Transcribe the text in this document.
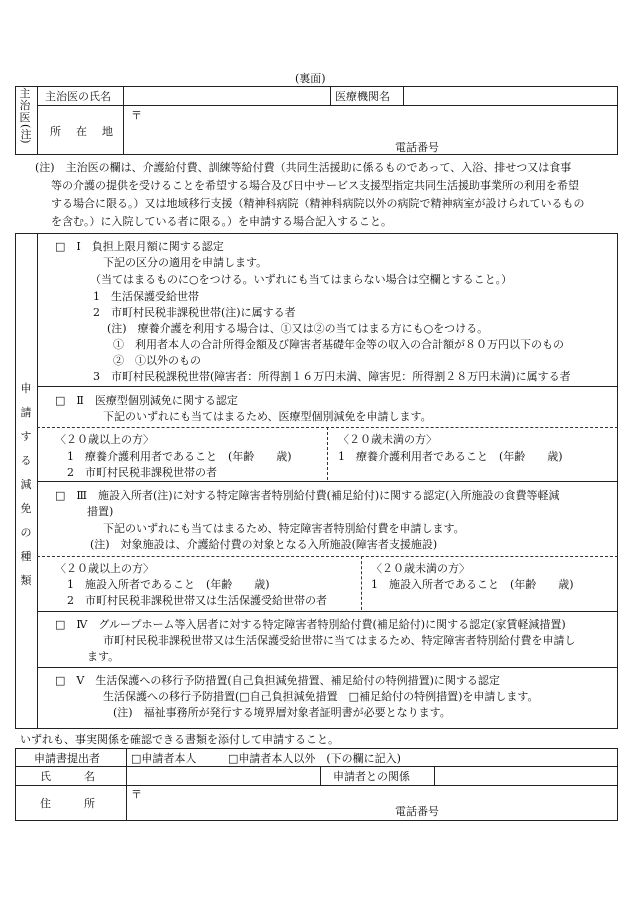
(裏面)
主
治
医
(注)
主治医の氏名	医療機関名
所　在　地
〒
電話番号
(注)　主治医の欄は、介護給付費、訓練等給付費（共同生活援助に係るものであって、入浴、排せつ又は食事
等の介護の提供を受けることを希望する場合及び日中サービス支援型指定共同生活援助事業所の利用を希望
する場合に限る。）又は地域移行支援（精神科病院（精神科病院以外の病院で精神病室が設けられているもの
を含む。）に入院している者に限る。）を申請する場合記入すること。
申
請
す
る
減
免
の
種
類
□　Ⅰ　負担上限月額に関する認定
下記の区分の適用を申請します。
（当てはまるものに○をつける。いずれにも当てはまらない場合は空欄とすること。）
1　生活保護受給世帯
2　市町村民税非課税世帯(注)に属する者
(注)　療養介護を利用する場合は、①又は②の当てはまる方にも○をつける。
①　利用者本人の合計所得金額及び障害者基礎年金等の収入の合計額が８０万円以下のもの
②　①以外のもの
3　市町村民税課税世帯(障害者：所得割１６万円未満、障害児：所得割２８万円未満)に属する者
□　Ⅱ　医療型個別減免に関する認定
下記のいずれにも当てはまるため、医療型個別減免を申請します。
〈２０歳以上の方〉
1　療養介護利用者であること　(年齢　　歳)
2　市町村民税非課税世帯の者
〈２０歳未満の方〉
1　療養介護利用者であること　(年齢　　歳)
□　Ⅲ　施設入所者(注)に対する特定障害者特別給付費(補足給付)に関する認定(入所施設の食費等軽減
措置)
下記のいずれにも当てはまるため、特定障害者特別給付費を申請します。
(注)　対象施設は、介護給付費の対象となる入所施設(障害者支援施設)
〈２０歳以上の方〉
1　施設入所者であること　(年齢　　歳)
2　市町村民税非課税世帯又は生活保護受給世帯の者
〈２０歳未満の方〉
1　施設入所者であること　(年齢　　歳)
□　Ⅳ　グループホーム等入居者に対する特定障害者特別給付費(補足給付)に関する認定(家賃軽減措置)
市町村民税非課税世帯又は生活保護受給世帯に当てはまるため、特定障害者特別給付費を申請し
ます。
□　Ⅴ　生活保護への移行予防措置(自己負担減免措置、補足給付の特例措置)に関する認定
生活保護への移行予防措置(□自己負担減免措置　□補足給付の特例措置)を申請します。
(注)　福祉事務所が発行する境界層対象者証明書が必要となります。
いずれも、事実関係を確認できる書類を添付して申請すること。
申請書提出者	□申請者本人	□申請者本人以外　(下の欄に記入)
氏　　　名	申請者との関係
住　　　所
〒
電話番号
